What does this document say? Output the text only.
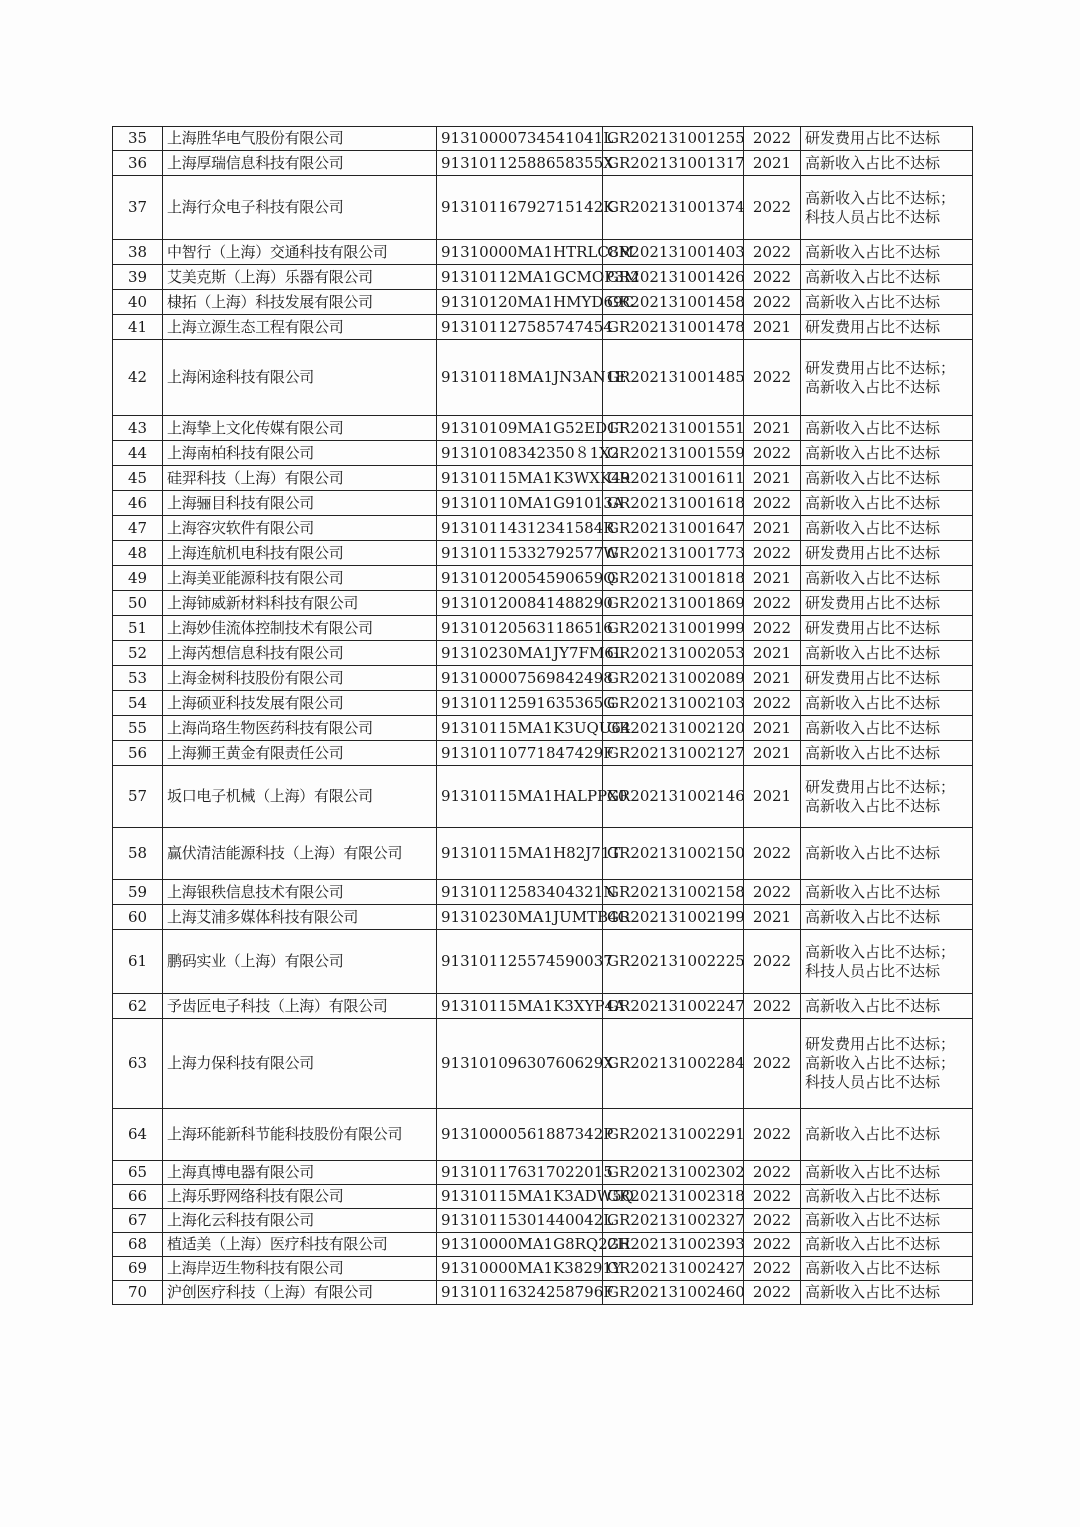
35	上海胜华电气股份有限公司	91310000734541041L	GR202131001255	2022	研发费用占比不达标

36	上海厚瑞信息科技有限公司	91310112588658355X	GR202131001317	2021	高新收入占比不达标

37	上海行众电子科技有限公司	91310116792715142K	GR202131001374	2022	高新收入占比不达标；
科技人员占比不达标

38	中智行（上海）交通科技有限公司	91310000MA1HTRLC8M	GR202131001403	2022	高新收入占比不达标

39	艾美克斯（上海）乐器有限公司	91310112MA1GCMOP3M	GR202131001426	2022	高新收入占比不达标

40	棣拓（上海）科技发展有限公司	91310120MA1HMYD69C	GR202131001458	2022	高新收入占比不达标

41	上海立源生态工程有限公司	913101127585747454	GR202131001478	2021	研发费用占比不达标

42	上海闲途科技有限公司	91310118MA1JN3AN1E	GR202131001485	2022	研发费用占比不达标；
高新收入占比不达标

43	上海挚上文化传媒有限公司	91310109MA1G52ED1T	GR202131001551	2021	高新收入占比不达标

44	上海南柏科技有限公司	91310108342350８1X2	GR202131001559	2022	高新收入占比不达标

45	硅羿科技（上海）有限公司	91310115MA1K3WXK49	GR202131001611	2021	高新收入占比不达标

46	上海骊目科技有限公司	91310110MA1G91013A	GR202131001618	2022	高新收入占比不达标

47	上海容灾软件有限公司	91310114312341584R	GR202131001647	2021	高新收入占比不达标

48	上海连航机电科技有限公司	91310115332792577W	GR202131001773	2022	研发费用占比不达标

49	上海美亚能源科技有限公司	91310120054590659Q	GR202131001818	2021	高新收入占比不达标

50	上海铈威新材料科技有限公司	913101200841488290	GR202131001869	2022	研发费用占比不达标

51	上海妙佳流体控制技术有限公司	913101205631186516	GR202131001999	2022	研发费用占比不达标

52	上海芮想信息科技有限公司	91310230MA1JY7FM6L	GR202131002053	2021	高新收入占比不达标

53	上海金树科技股份有限公司	913100007569842498	GR202131002089	2021	研发费用占比不达标

54	上海硕亚科技发展有限公司	91310112591635365G	GR202131002103	2022	高新收入占比不达标

55	上海尚珞生物医药科技有限公司	91310115MA1K3UQU64	GR202131002120	2021	高新收入占比不达标

56	上海狮王黄金有限责任公司	91310110771847429F	GR202131002127	2021	高新收入占比不达标

57	坂口电子机械（上海）有限公司	91310115MA1HALPPX0	GR202131002146	2021	研发费用占比不达标；
高新收入占比不达标

58	赢伏清洁能源科技（上海）有限公司	91310115MA1H82J71T	GR202131002150	2022	高新收入占比不达标

59	上海银秩信息技术有限公司	91310112583404321N	GR202131002158	2022	高新收入占比不达标

60	上海艾浦多媒体科技有限公司	91310230MA1JUMTB4G	GR202131002199	2021	高新收入占比不达标

61	鹏码实业（上海）有限公司	913101125574590037	GR202131002225	2022	高新收入占比不达标；
科技人员占比不达标

62	予齿匠电子科技（上海）有限公司	91310115MA1K3XYP4A	GR202131002247	2022	高新收入占比不达标

63	上海力保科技有限公司	91310109630760629X	GR202131002284	2022	研发费用占比不达标；
高新收入占比不达标；
科技人员占比不达标

64	上海环能新科节能科技股份有限公司	91310000561887342P	GR202131002291	2022	高新收入占比不达标

65	上海真博电器有限公司	913101176317022015	GR202131002302	2022	高新收入占比不达标

66	上海乐野网络科技有限公司	91310115MA1K3ADW5Q	GR202131002318	2022	高新收入占比不达标

67	上海化云科技有限公司	91310115301440042L	GR202131002327	2022	高新收入占比不达标

68	植适美（上海）医疗科技有限公司	91310000MA1G8RQ22H	GR202131002393	2022	高新收入占比不达标

69	上海岸迈生物科技有限公司	91310000MA1K38291Y	GR202131002427	2022	高新收入占比不达标

70	沪创医疗科技（上海）有限公司	91310116324258796F	GR202131002460	2022	高新收入占比不达标
